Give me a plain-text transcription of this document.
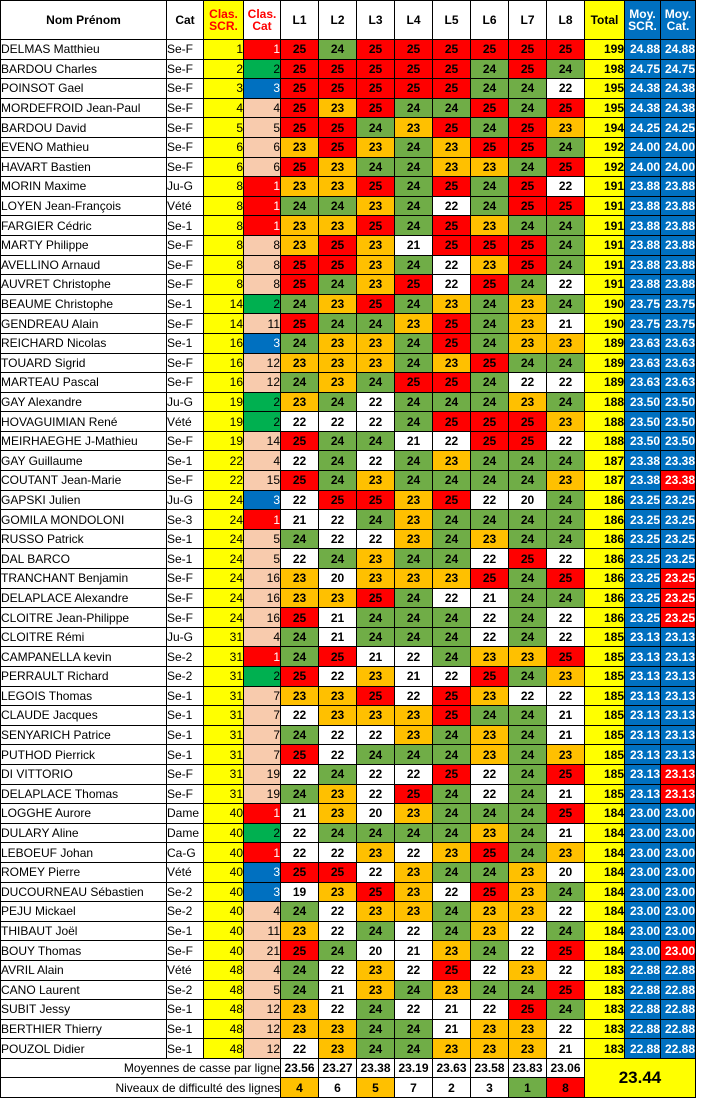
Nom Prénom	Cat	Clas.
SCR.	Clas.
Cat	L1	L2	L3	L4	L5	L6	L7	L8	Total	Moy.
SCR.	Moy.
Cat.
DELMAS Matthieu	Se-F	1	1	25	24	25	25	25	25	25	25	199	24.88	24.88
BARDOU Charles	Se-F	2	2	25	25	25	25	25	24	25	24	198	24.75	24.75
POINSOT Gael	Se-F	3	3	25	25	25	25	25	24	24	22	195	24.38	24.38
MORDEFROID Jean-Paul	Se-F	4	4	25	23	25	24	24	25	24	25	195	24.38	24.38
BARDOU David	Se-F	5	5	25	25	24	23	25	24	25	23	194	24.25	24.25
EVENO Mathieu	Se-F	6	6	23	25	23	24	23	25	25	24	192	24.00	24.00
HAVART Bastien	Se-F	6	6	25	23	24	24	23	23	24	25	192	24.00	24.00
MORIN Maxime	Ju-G	8	1	23	23	25	24	25	24	25	22	191	23.88	23.88
LOYEN Jean-François	Vété	8	1	24	24	23	24	22	24	25	25	191	23.88	23.88
FARGIER Cédric	Se-1	8	1	23	23	25	24	25	23	24	24	191	23.88	23.88
MARTY Philippe	Se-F	8	8	23	25	23	21	25	25	25	24	191	23.88	23.88
AVELLINO Arnaud	Se-F	8	8	25	25	23	24	22	23	25	24	191	23.88	23.88
AUVRET Christophe	Se-F	8	8	25	24	23	25	22	25	24	22	191	23.88	23.88
BEAUME Christophe	Se-1	14	2	24	23	25	24	23	24	23	24	190	23.75	23.75
GENDREAU Alain	Se-F	14	11	25	24	24	23	25	24	23	21	190	23.75	23.75
REICHARD Nicolas	Se-1	16	3	24	23	23	24	25	24	23	23	189	23.63	23.63
TOUARD Sigrid	Se-F	16	12	23	23	23	24	23	25	24	24	189	23.63	23.63
MARTEAU Pascal	Se-F	16	12	24	23	24	25	25	24	22	22	189	23.63	23.63
GAY Alexandre	Ju-G	19	2	23	24	22	24	24	24	23	24	188	23.50	23.50
HOVAGUIMIAN René	Vété	19	2	22	22	22	24	25	25	25	23	188	23.50	23.50
MEIRHAEGHE J-Mathieu	Se-F	19	14	25	24	24	21	22	25	25	22	188	23.50	23.50
GAY Guillaume	Se-1	22	4	22	24	22	24	23	24	24	24	187	23.38	23.38
COUTANT Jean-Marie	Se-F	22	15	25	24	23	24	24	24	24	23	187	23.38	23.38
GAPSKI Julien	Ju-G	24	3	22	25	25	23	25	22	20	24	186	23.25	23.25
GOMILA MONDOLONI	Se-3	24	1	21	22	24	23	24	24	24	24	186	23.25	23.25
RUSSO Patrick	Se-1	24	5	24	22	22	23	24	23	24	24	186	23.25	23.25
DAL BARCO	Se-1	24	5	22	24	23	24	24	22	25	22	186	23.25	23.25
TRANCHANT Benjamin	Se-F	24	16	23	20	23	23	23	25	24	25	186	23.25	23.25
DELAPLACE Alexandre	Se-F	24	16	23	23	25	24	22	21	24	24	186	23.25	23.25
CLOITRE Jean-Philippe	Se-F	24	16	25	21	24	24	24	22	24	22	186	23.25	23.25
CLOITRE Rémi	Ju-G	31	4	24	21	24	24	24	22	24	22	185	23.13	23.13
CAMPANELLA kevin	Se-2	31	1	24	25	21	22	24	23	23	25	185	23.13	23.13
PERRAULT Richard	Se-2	31	2	25	22	23	21	22	25	24	23	185	23.13	23.13
LEGOIS Thomas	Se-1	31	7	23	23	25	22	25	23	22	22	185	23.13	23.13
CLAUDE Jacques	Se-1	31	7	22	23	23	23	25	24	24	21	185	23.13	23.13
SENYARICH Patrice	Se-1	31	7	24	22	22	23	24	23	24	21	185	23.13	23.13
PUTHOD Pierrick	Se-1	31	7	25	22	24	24	24	23	24	23	185	23.13	23.13
DI VITTORIO	Se-F	31	19	22	24	22	22	25	22	24	25	185	23.13	23.13
DELAPLACE Thomas	Se-F	31	19	24	23	22	25	24	22	24	21	185	23.13	23.13
LOGGHE Aurore	Dame	40	1	21	23	20	23	24	24	24	25	184	23.00	23.00
DULARY Aline	Dame	40	2	22	24	24	24	24	23	24	21	184	23.00	23.00
LEBOEUF Johan	Ca-G	40	1	22	22	23	22	23	25	24	23	184	23.00	23.00
ROMEY Pierre	Vété	40	3	25	25	22	23	24	24	23	20	184	23.00	23.00
DUCOURNEAU Sébastien	Se-2	40	3	19	23	25	23	22	25	23	24	184	23.00	23.00
PEJU Mickael	Se-2	40	4	24	22	23	23	24	23	23	22	184	23.00	23.00
THIBAUT Joël	Se-1	40	11	23	22	24	22	24	23	22	24	184	23.00	23.00
BOUY Thomas	Se-F	40	21	25	24	20	21	23	24	22	25	184	23.00	23.00
AVRIL Alain	Vété	48	4	24	22	23	22	25	22	23	22	183	22.88	22.88
CANO Laurent	Se-2	48	5	24	21	23	24	23	24	24	25	183	22.88	22.88
SUBIT Jessy	Se-1	48	12	23	22	24	22	21	22	25	24	183	22.88	22.88
BERTHIER Thierry	Se-1	48	12	23	23	24	24	21	23	23	22	183	22.88	22.88
POUZOL Didier	Se-1	48	12	22	23	24	24	23	23	23	21	183	22.88	22.88
Moyennes de casse par ligne				23.56	23.27	23.38	23.19	23.63	23.58	23.83	23.06	23.44		
Niveaux de difficulté des lignes				4	6	5	7	2	3	1	8			
